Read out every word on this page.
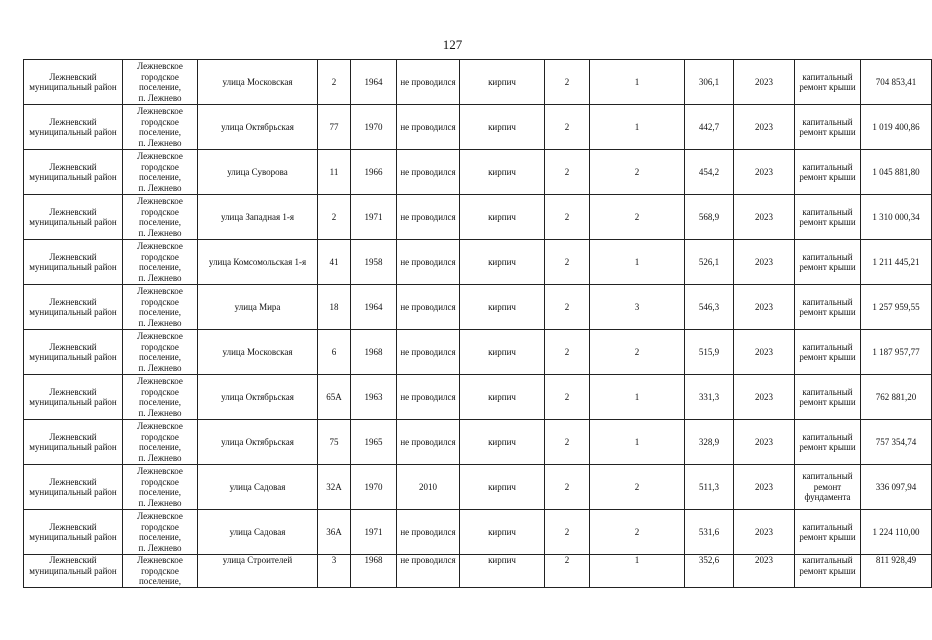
127
Лежневский муниципальный район	Лежневское
городское
поселение,
п. Лежнево	улица Московская	2	1964	не проводился	кирпич	2	1	306,1	2023	капитальный ремонт крыши	704 853,41
Лежневский муниципальный район	Лежневское
городское
поселение,
п. Лежнево	улица Октябрьская	77	1970	не проводился	кирпич	2	1	442,7	2023	капитальный ремонт крыши	1 019 400,86
Лежневский муниципальный район	Лежневское
городское
поселение,
п. Лежнево	улица Суворова	11	1966	не проводился	кирпич	2	2	454,2	2023	капитальный ремонт крыши	1 045 881,80
Лежневский муниципальный район	Лежневское
городское
поселение,
п. Лежнево	улица Западная 1-я	2	1971	не проводился	кирпич	2	2	568,9	2023	капитальный ремонт крыши	1 310 000,34
Лежневский муниципальный район	Лежневское
городское
поселение,
п. Лежнево	улица Комсомольская 1-я	41	1958	не проводился	кирпич	2	1	526,1	2023	капитальный ремонт крыши	1 211 445,21
Лежневский муниципальный район	Лежневское
городское
поселение,
п. Лежнево	улица Мира	18	1964	не проводился	кирпич	2	3	546,3	2023	капитальный ремонт крыши	1 257 959,55
Лежневский муниципальный район	Лежневское
городское
поселение,
п. Лежнево	улица Московская	6	1968	не проводился	кирпич	2	2	515,9	2023	капитальный ремонт крыши	1 187 957,77
Лежневский муниципальный район	Лежневское
городское
поселение,
п. Лежнево	улица Октябрьская	65А	1963	не проводился	кирпич	2	1	331,3	2023	капитальный ремонт крыши	762 881,20
Лежневский муниципальный район	Лежневское
городское
поселение,
п. Лежнево	улица Октябрьская	75	1965	не проводился	кирпич	2	1	328,9	2023	капитальный ремонт крыши	757 354,74
Лежневский муниципальный район	Лежневское
городское
поселение,
п. Лежнево	улица Садовая	32А	1970	2010	кирпич	2	2	511,3	2023	капитальный ремонт фундамента	336 097,94
Лежневский муниципальный район	Лежневское
городское
поселение,
п. Лежнево	улица Садовая	36А	1971	не проводился	кирпич	2	2	531,6	2023	капитальный ремонт крыши	1 224 110,00
Лежневский муниципальный район	Лежневское
городское
поселение,	улица Строителей	3	1968	не проводился	кирпич	2	1	352,6	2023	капитальный ремонт крыши	811 928,49
